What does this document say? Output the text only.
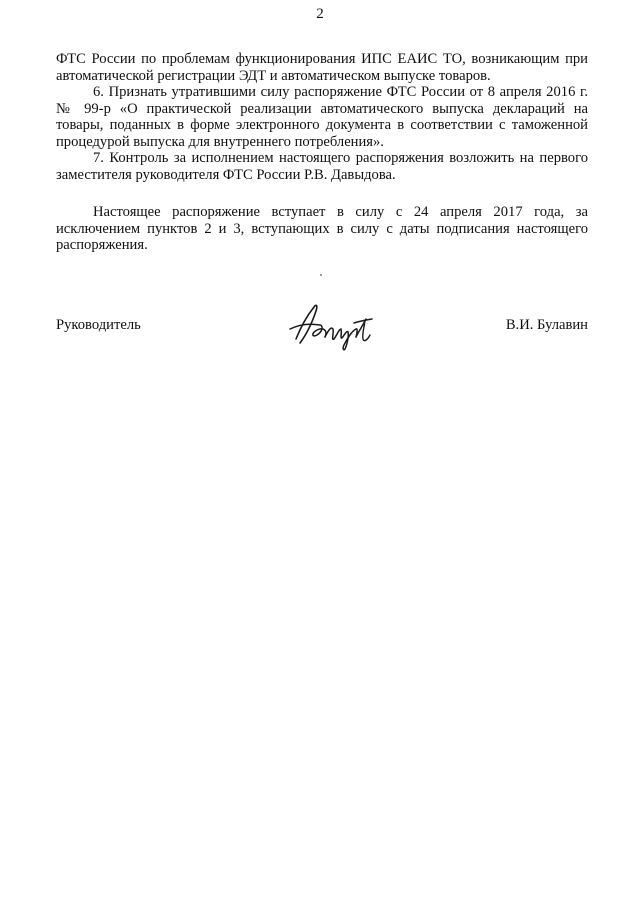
2

ФТС России по проблемам функционирования ИПС ЕАИС ТО, возникающим при автоматической регистрации ЭДТ и автоматическом выпуске товаров.

6. Признать утратившими силу распоряжение ФТС России от 8 апреля 2016 г. № 99-р «О практической реализации автоматического выпуска деклараций на товары, поданных в форме электронного документа в соответствии с таможенной процедурой выпуска для внутреннего потребления».

7. Контроль за исполнением настоящего распоряжения возложить на первого заместителя руководителя ФТС России Р.В. Давыдова.

Настоящее распоряжение вступает в силу с 24 апреля 2017 года, за исключением пунктов 2 и 3, вступающих в силу с даты подписания настоящего распоряжения.

Руководитель	В.И. Булавин
